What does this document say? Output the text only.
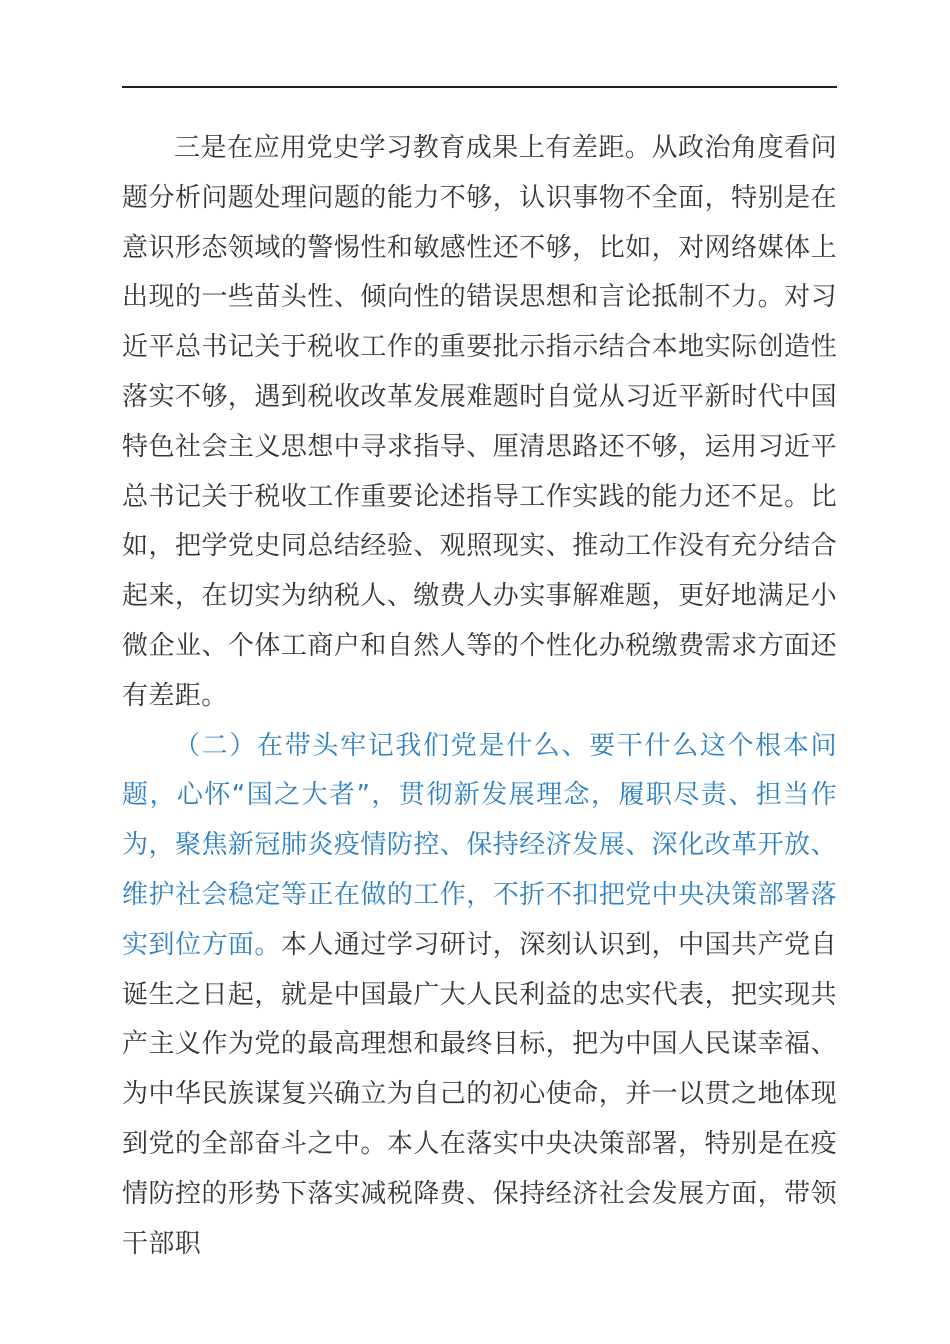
三是在应用党史学习教育成果上有差距。从政治角度看问题分析问题处理问题的能力不够，认识事物不全面，特别是在意识形态领域的警惕性和敏感性还不够，比如，对网络媒体上出现的一些苗头性、倾向性的错误思想和言论抵制不力。对习近平总书记关于税收工作的重要批示指示结合本地实际创造性落实不够，遇到税收改革发展难题时自觉从习近平新时代中国特色社会主义思想中寻求指导、厘清思路还不够，运用习近平总书记关于税收工作重要论述指导工作实践的能力还不足。比如，把学党史同总结经验、观照现实、推动工作没有充分结合起来，在切实为纳税人、缴费人办实事解难题，更好地满足小微企业、个体工商户和自然人等的个性化办税缴费需求方面还有差距。

（二）在带头牢记我们党是什么、要干什么这个根本问题，心怀“国之大者”，贯彻新发展理念，履职尽责、担当作为，聚焦新冠肺炎疫情防控、保持经济发展、深化改革开放、维护社会稳定等正在做的工作，不折不扣把党中央决策部署落实到位方面。本人通过学习研讨，深刻认识到，中国共产党自诞生之日起，就是中国最广大人民利益的忠实代表，把实现共产主义作为党的最高理想和最终目标，把为中国人民谋幸福、为中华民族谋复兴确立为自己的初心使命，并一以贯之地体现到党的全部奋斗之中。本人在落实中央决策部署，特别是在疫情防控的形势下落实减税降费、保持经济社会发展方面，带领干部职
